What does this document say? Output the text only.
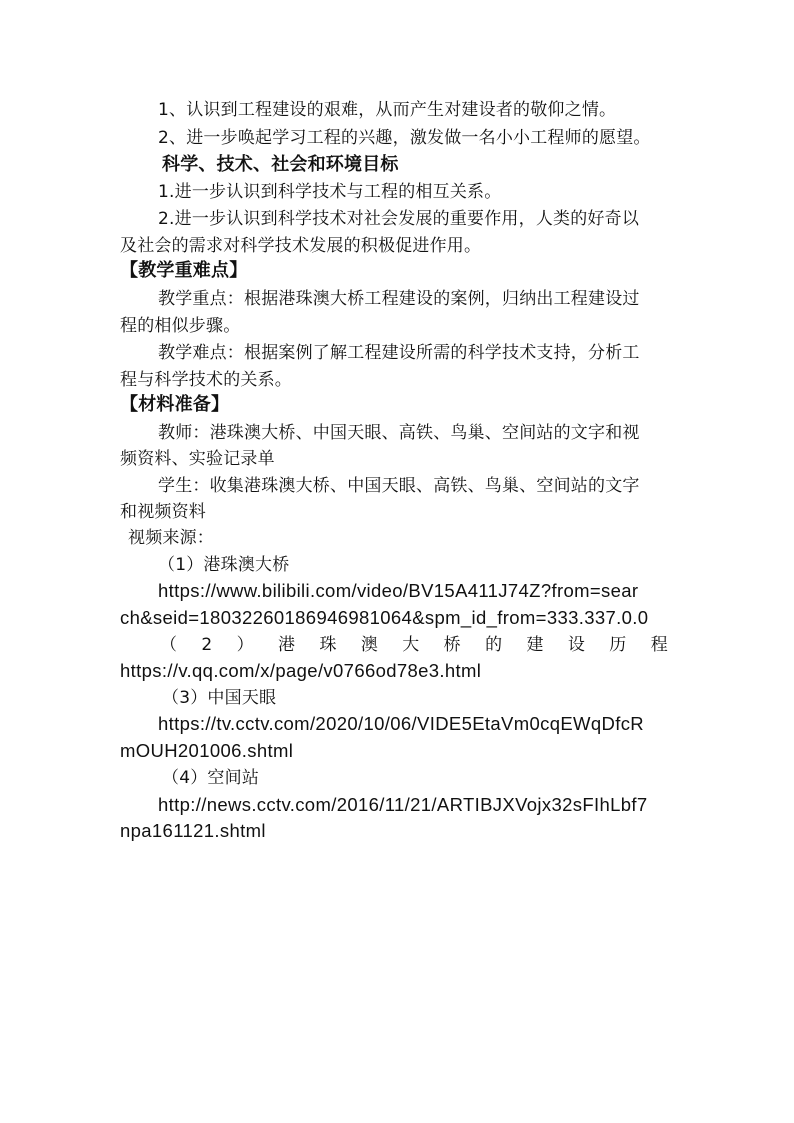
1、认识到工程建设的艰难，从而产生对建设者的敬仰之情。
2、进一步唤起学习工程的兴趣，激发做一名小小工程师的愿望。
科学、技术、社会和环境目标
1.进一步认识到科学技术与工程的相互关系。
2.进一步认识到科学技术对社会发展的重要作用，人类的好奇以
及社会的需求对科学技术发展的积极促进作用。
【教学重难点】
教学重点：根据港珠澳大桥工程建设的案例，归纳出工程建设过
程的相似步骤。
教学难点：根据案例了解工程建设所需的科学技术支持，分析工
程与科学技术的关系。
【材料准备】
教师：港珠澳大桥、中国天眼、高铁、鸟巢、空间站的文字和视
频资料、实验记录单
学生：收集港珠澳大桥、中国天眼、高铁、鸟巢、空间站的文字
和视频资料
视频来源：
（1）港珠澳大桥
https://www.bilibili.com/video/BV15A411J74Z?from=sear
ch&seid=18032260186946981064&spm_id_from=333.337.0.0
（ 2 ） 港 珠 澳 大 桥 的 建 设 历 程
https://v.qq.com/x/page/v0766od78e3.html
（3）中国天眼
https://tv.cctv.com/2020/10/06/VIDE5EtaVm0cqEWqDfcR
mOUH201006.shtml
（4）空间站
http://news.cctv.com/2016/11/21/ARTIBJXVojx32sFIhLbf7
npa161121.shtml
